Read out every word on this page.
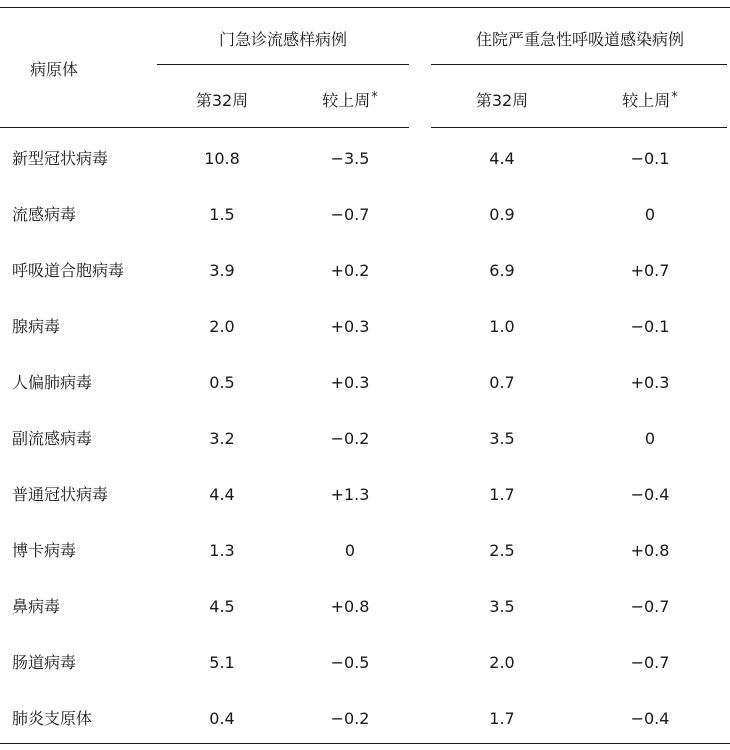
病原体
门急诊流感样病例	住院严重急性呼吸道感染病例
第32周	较上周*	第32周	较上周*
新型冠状病毒	10.8	−3.5	4.4	−0.1
流感病毒	1.5	−0.7	0.9	0
呼吸道合胞病毒	3.9	+0.2	6.9	+0.7
腺病毒	2.0	+0.3	1.0	−0.1
人偏肺病毒	0.5	+0.3	0.7	+0.3
副流感病毒	3.2	−0.2	3.5	0
普通冠状病毒	4.4	+1.3	1.7	−0.4
博卡病毒	1.3	0	2.5	+0.8
鼻病毒	4.5	+0.8	3.5	−0.7
肠道病毒	5.1	−0.5	2.0	−0.7
肺炎支原体	0.4	−0.2	1.7	−0.4
